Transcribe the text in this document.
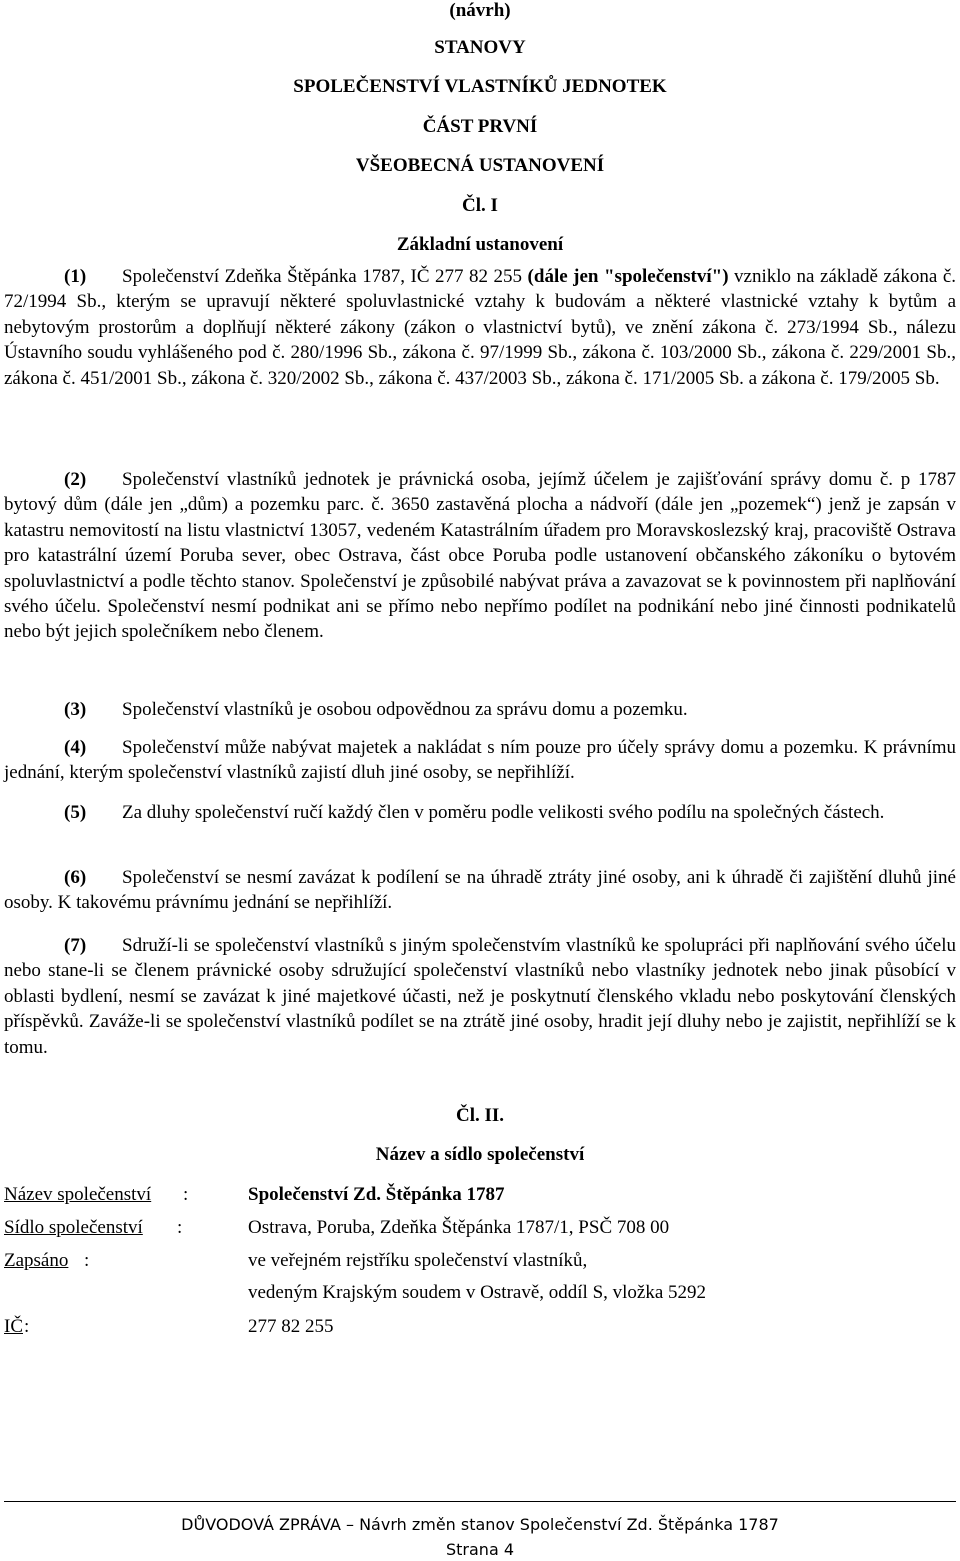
(návrh)
STANOVY
SPOLEČENSTVÍ VLASTNÍKŮ JEDNOTEK
ČÁST PRVNÍ
VŠEOBECNÁ USTANOVENÍ
Čl. I
Základní ustanovení
(1) Společenství Zdeňka Štěpánka 1787, IČ 277 82 255 (dále jen "společenství") vzniklo na základě zákona č. 72/1994 Sb., kterým se upravují některé spoluvlastnické vztahy k budovám a některé vlastnické vztahy k bytům a nebytovým prostorům a doplňují některé zákony (zákon o vlastnictví bytů), ve znění zákona č. 273/1994 Sb., nálezu Ústavního soudu vyhlášeného pod č. 280/1996 Sb., zákona č. 97/1999 Sb., zákona č. 103/2000 Sb., zákona č. 229/2001 Sb., zákona č. 451/2001 Sb., zákona č. 320/2002 Sb., zákona č. 437/2003 Sb., zákona č. 171/2005 Sb. a zákona č. 179/2005 Sb.
(2) Společenství vlastníků jednotek je právnická osoba, jejímž účelem je zajišťování správy domu č. p 1787 bytový dům (dále jen „dům) a pozemku parc. č. 3650 zastavěná plocha a nádvoří (dále jen „pozemek“) jenž je zapsán v katastru nemovitostí na listu vlastnictví 13057, vedeném Katastrálním úřadem pro Moravskoslezský kraj, pracoviště Ostrava pro katastrální území Poruba sever, obec Ostrava, část obce Poruba podle ustanovení občanského zákoníku o bytovém spoluvlastnictví a podle těchto stanov. Společenství je způsobilé nabývat práva a zavazovat se k povinnostem při naplňování svého účelu. Společenství nesmí podnikat ani se přímo nebo nepřímo podílet na podnikání nebo jiné činnosti podnikatelů nebo být jejich společníkem nebo členem.
(3) Společenství vlastníků je osobou odpovědnou za správu domu a pozemku.
(4) Společenství může nabývat majetek a nakládat s ním pouze pro účely správy domu a pozemku. K právnímu jednání, kterým společenství vlastníků zajistí dluh jiné osoby, se nepřihlíží.
(5) Za dluhy společenství ručí každý člen v poměru podle velikosti svého podílu na společných částech.
(6) Společenství se nesmí zavázat k podílení se na úhradě ztráty jiné osoby, ani k úhradě či zajištění dluhů jiné osoby. K takovému právnímu jednání se nepřihlíží.
(7) Sdruží-li se společenství vlastníků s jiným společenstvím vlastníků ke spolupráci při naplňování svého účelu nebo stane-li se členem právnické osoby sdružující společenství vlastníků nebo vlastníky jednotek nebo jinak působící v oblasti bydlení, nesmí se zavázat k jiné majetkové účasti, než je poskytnutí členského vkladu nebo poskytování členských příspěvků. Zaváže-li se společenství vlastníků podílet se na ztrátě jiné osoby, hradit její dluhy nebo je zajistit, nepřihlíží se k tomu.
Čl. II.
Název a sídlo společenství
Název společenství :	Společenství Zd. Štěpánka 1787
Sídlo společenství :	Ostrava, Poruba, Zdeňka Štěpánka 1787/1, PSČ 708 00
Zapsáno :	ve veřejném rejstříku společenství vlastníků,
vedeným Krajským soudem v Ostravě, oddíl S, vložka 5292
IČ :	277 82 255
DŮVODOVÁ ZPRÁVA – Návrh změn stanov Společenství Zd. Štěpánka 1787
Strana 4
